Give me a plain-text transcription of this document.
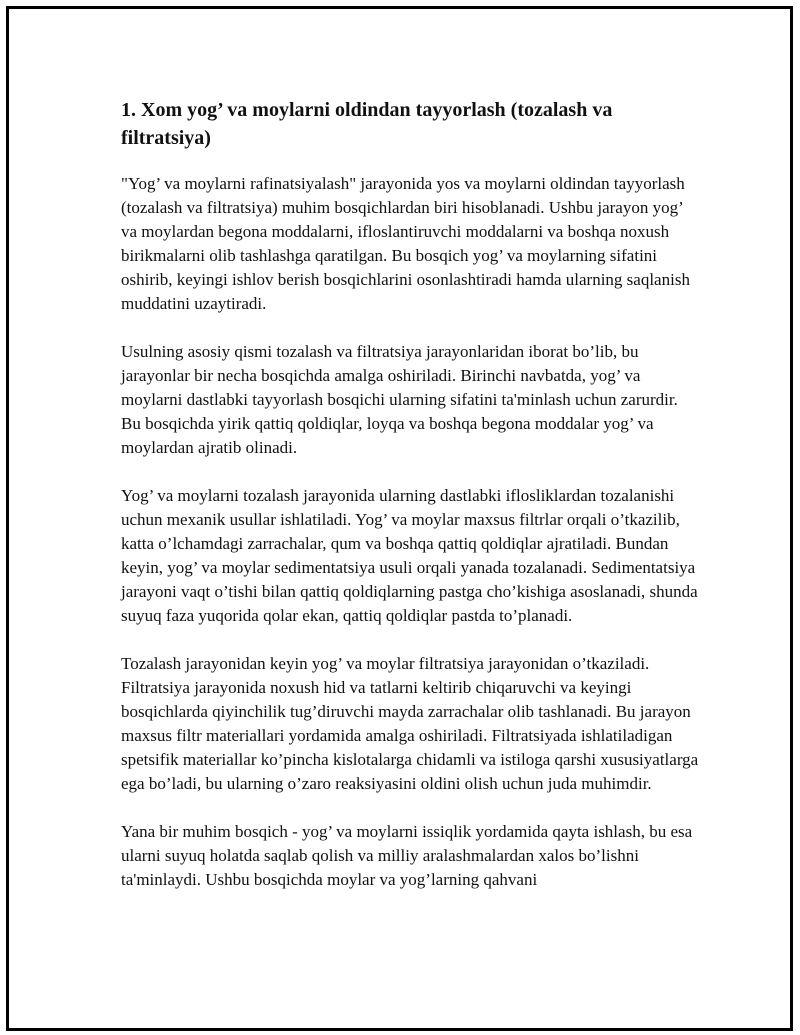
1. Xom yog’ va moylarni oldindan tayyorlash (tozalash va filtratsiya)

"Yog’ va moylarni rafinatsiyalash" jarayonida yos va moylarni oldindan tayyorlash (tozalash va filtratsiya) muhim bosqichlardan biri hisoblanadi. Ushbu jarayon yog’ va moylardan begona moddalarni, ifloslantiruvchi moddalarni va boshqa noxush birikmalarni olib tashlashga qaratilgan. Bu bosqich yog’ va moylarning sifatini oshirib, keyingi ishlov berish bosqichlarini osonlashtiradi hamda ularning saqlanish muddatini uzaytiradi.

Usulning asosiy qismi tozalash va filtratsiya jarayonlaridan iborat bo’lib, bu jarayonlar bir necha bosqichda amalga oshiriladi. Birinchi navbatda, yog’ va moylarni dastlabki tayyorlash bosqichi ularning sifatini ta'minlash uchun zarurdir. Bu bosqichda yirik qattiq qoldiqlar, loyqa va boshqa begona moddalar yog’ va moylardan ajratib olinadi.

Yog’ va moylarni tozalash jarayonida ularning dastlabki iflosliklardan tozalanishi uchun mexanik usullar ishlatiladi. Yog’ va moylar maxsus filtrlar orqali o’tkazilib, katta o’lchamdagi zarrachalar, qum va boshqa qattiq qoldiqlar ajratiladi. Bundan keyin, yog’ va moylar sedimentatsiya usuli orqali yanada tozalanadi. Sedimentatsiya jarayoni vaqt o’tishi bilan qattiq qoldiqlarning pastga cho’kishiga asoslanadi, shunda suyuq faza yuqorida qolar ekan, qattiq qoldiqlar pastda to’planadi.

Tozalash jarayonidan keyin yog’ va moylar filtratsiya jarayonidan o’tkaziladi. Filtratsiya jarayonida noxush hid va tatlarni keltirib chiqaruvchi va keyingi bosqichlarda qiyinchilik tug’diruvchi mayda zarrachalar olib tashlanadi. Bu jarayon maxsus filtr materiallari yordamida amalga oshiriladi. Filtratsiyada ishlatiladigan spetsifik materiallar ko’pincha kislotalarga chidamli va istiloga qarshi xususiyatlarga ega bo’ladi, bu ularning o’zaro reaksiyasini oldini olish uchun juda muhimdir.

Yana bir muhim bosqich - yog’ va moylarni issiqlik yordamida qayta ishlash, bu esa ularni suyuq holatda saqlab qolish va milliy aralashmalardan xalos bo’lishni ta'minlaydi. Ushbu bosqichda moylar va yog’larning qahvani
